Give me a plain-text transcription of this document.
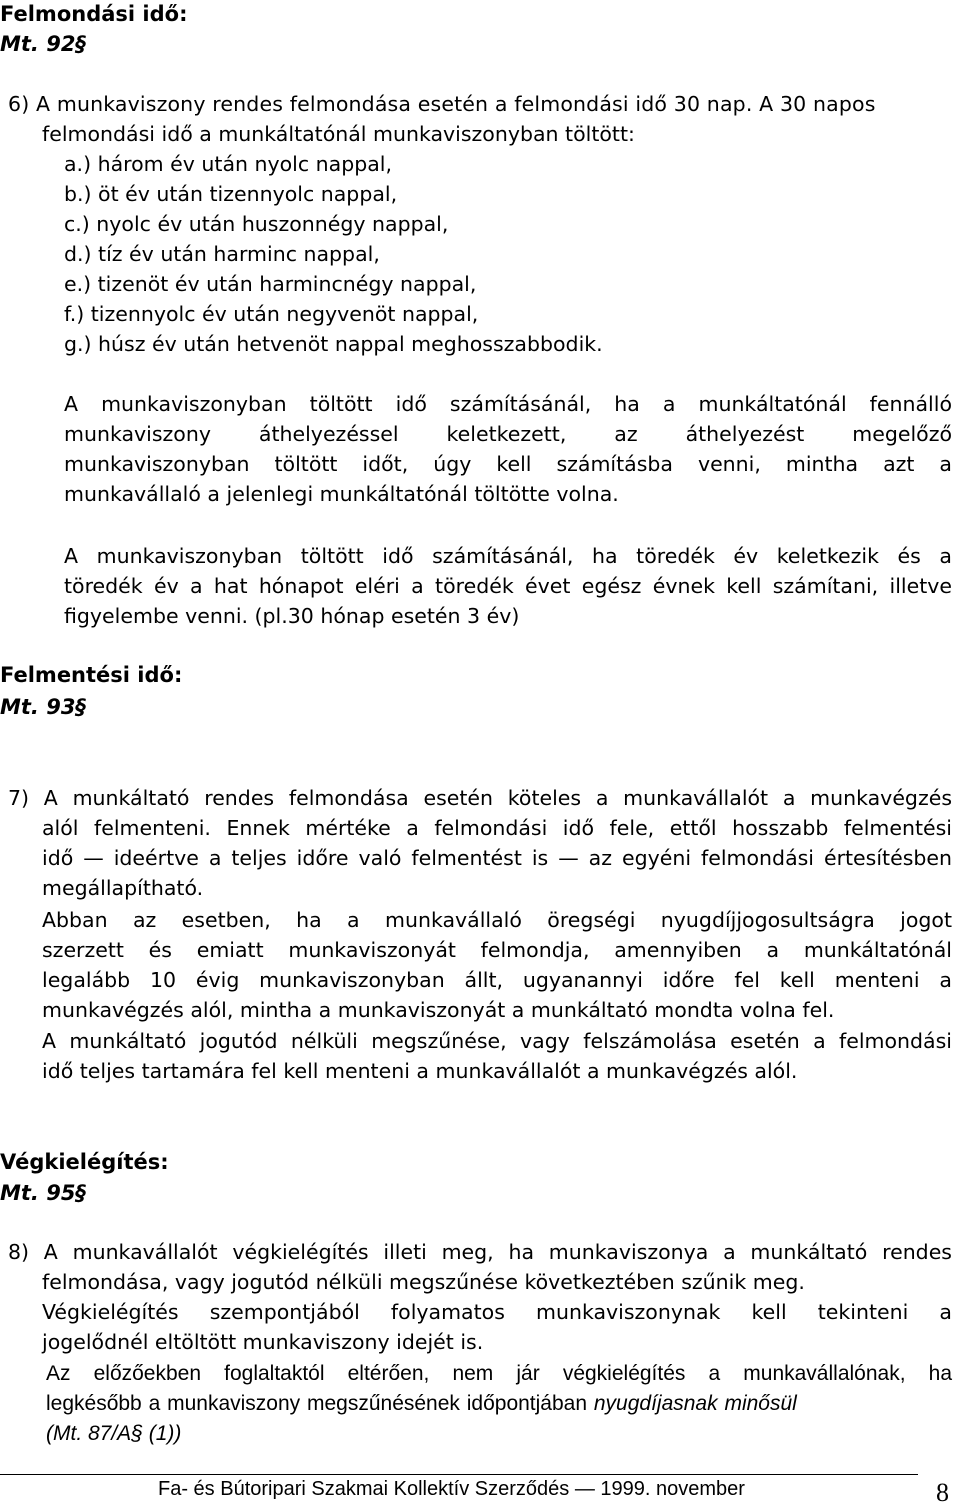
Felmondási idő:
Mt. 92§
6) A munkaviszony rendes felmondása esetén a felmondási idő 30 nap. A 30 napos
felmondási idő a munkáltatónál munkaviszonyban töltött:
a.) három év után nyolc nappal,
b.) öt év után tizennyolc nappal,
c.) nyolc év után huszonnégy nappal,
d.) tíz év után harminc nappal,
e.) tizenöt év után harmincnégy nappal,
f.) tizennyolc év után negyvenöt nappal,
g.) húsz év után hetvenöt nappal meghosszabbodik.
A munkaviszonyban töltött idő számításánál, ha a munkáltatónál fennálló
munkaviszony áthelyezéssel keletkezett, az áthelyezést megelőző
munkaviszonyban töltött időt, úgy kell számításba venni, mintha azt a
munkavállaló a jelenlegi munkáltatónál töltötte volna.
A munkaviszonyban töltött idő számításánál, ha töredék év keletkezik és a
töredék év a hat hónapot eléri a töredék évet egész évnek kell számítani, illetve
figyelembe venni. (pl.30 hónap esetén 3 év)
Felmentési idő:
Mt. 93§
7) A munkáltató rendes felmondása esetén köteles a munkavállalót a munkavégzés
alól felmenteni. Ennek mértéke a felmondási idő fele, ettől hosszabb felmentési
idő — ideértve a teljes időre való felmentést is — az egyéni felmondási értesítésben
megállapítható.
Abban az esetben, ha a munkavállaló öregségi nyugdíjjogosultságra jogot
szerzett és emiatt munkaviszonyát felmondja, amennyiben a munkáltatónál
legalább 10 évig munkaviszonyban állt, ugyanannyi időre fel kell menteni a
munkavégzés alól, mintha a munkaviszonyát a munkáltató mondta volna fel.
A munkáltató jogutód nélküli megszűnése, vagy felszámolása esetén a felmondási
idő teljes tartamára fel kell menteni a munkavállalót a munkavégzés alól.
Végkielégítés:
Mt. 95§
8) A munkavállalót végkielégítés illeti meg, ha munkaviszonya a munkáltató rendes
felmondása, vagy jogutód nélküli megszűnése következtében szűnik meg.
Végkielégítés szempontjából folyamatos munkaviszonynak kell tekinteni a
jogelődnél eltöltött munkaviszony idejét is.
Az előzőekben foglaltaktól eltérően, nem jár végkielégítés a munkavállalónak, ha
legkésőbb a munkaviszony megszűnésének időpontjában nyugdíjasnak minősül
(Mt. 87/A§ (1))
Fa- és Bútoripari Szakmai Kollektív Szerződés — 1999. november	8
